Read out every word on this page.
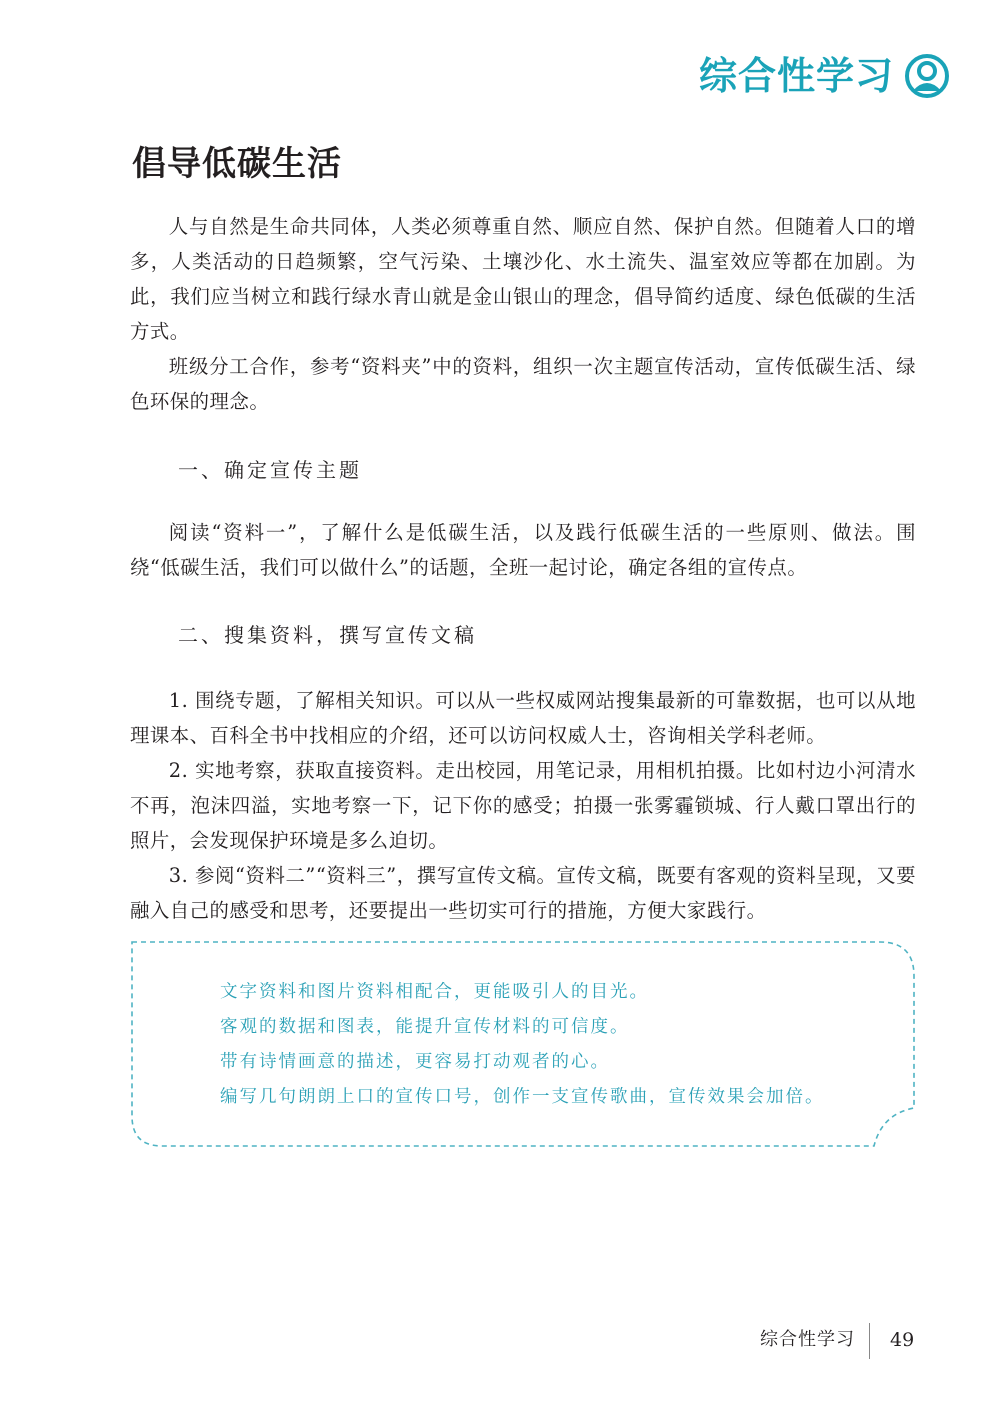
综合性学习
倡导低碳生活

人与自然是生命共同体，人类必须尊重自然、顺应自然、保护自然。但随着人口的增多，人类活动的日趋频繁，空气污染、土壤沙化、水土流失、温室效应等都在加剧。为此，我们应当树立和践行绿水青山就是金山银山的理念，倡导简约适度、绿色低碳的生活方式。

班级分工合作，参考“资料夹”中的资料，组织一次主题宣传活动，宣传低碳生活、绿色环保的理念。

一、确定宣传主题

阅读“资料一”，了解什么是低碳生活，以及践行低碳生活的一些原则、做法。围绕“低碳生活，我们可以做什么”的话题，全班一起讨论，确定各组的宣传点。

二、搜集资料，撰写宣传文稿

1. 围绕专题，了解相关知识。可以从一些权威网站搜集最新的可靠数据，也可以从地理课本、百科全书中找相应的介绍，还可以访问权威人士，咨询相关学科老师。

2. 实地考察，获取直接资料。走出校园，用笔记录，用相机拍摄。比如村边小河清水不再，泡沫四溢，实地考察一下，记下你的感受；拍摄一张雾霾锁城、行人戴口罩出行的照片，会发现保护环境是多么迫切。

3. 参阅“资料二”“资料三”，撰写宣传文稿。宣传文稿，既要有客观的资料呈现，又要融入自己的感受和思考，还要提出一些切实可行的措施，方便大家践行。

文字资料和图片资料相配合，更能吸引人的目光。
客观的数据和图表，能提升宣传材料的可信度。
带有诗情画意的描述，更容易打动观者的心。
编写几句朗朗上口的宣传口号，创作一支宣传歌曲，宣传效果会加倍。
综合性学习 49
